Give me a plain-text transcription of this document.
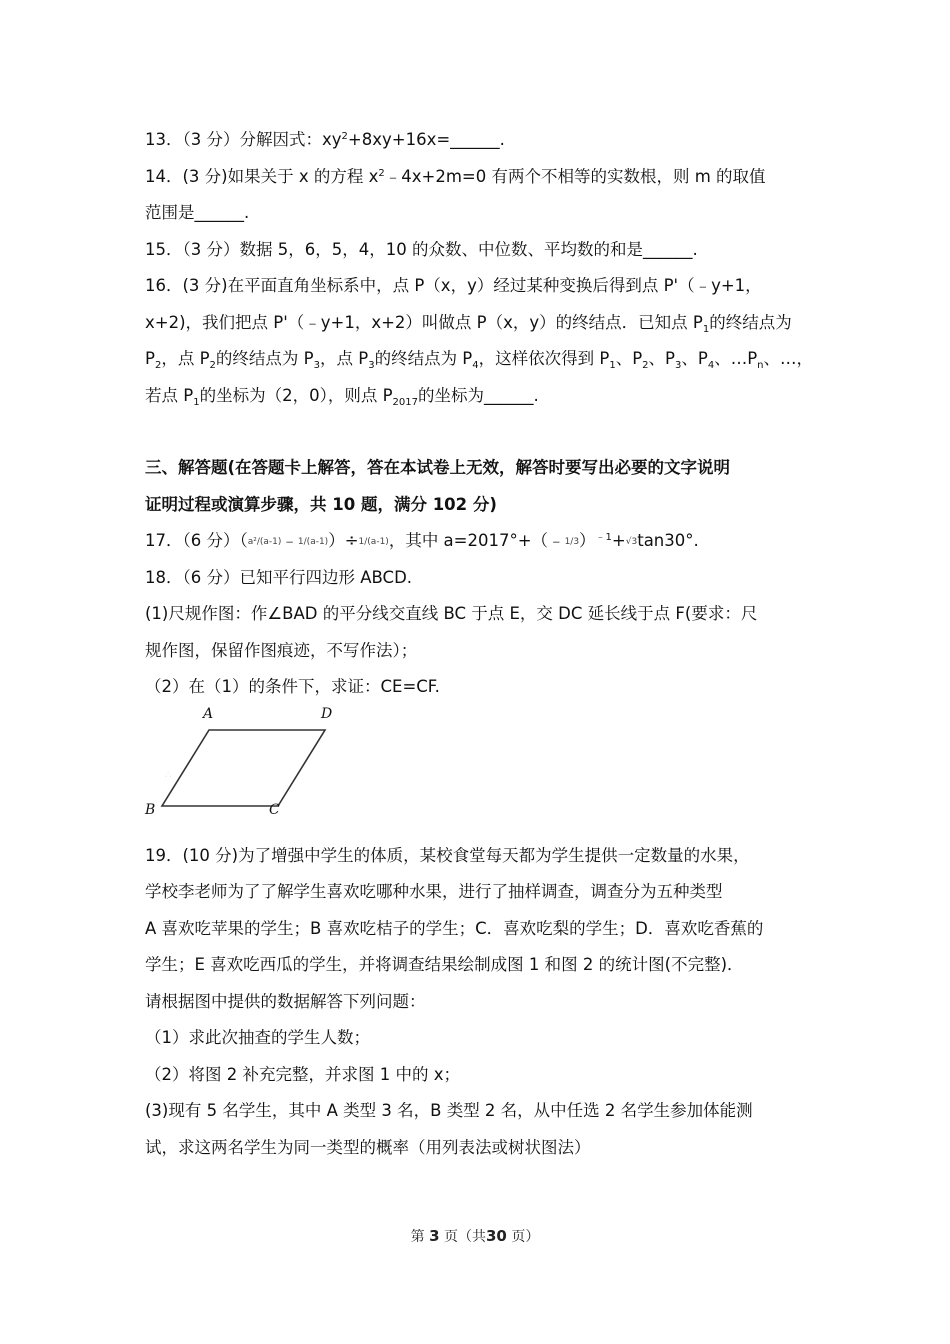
13．（3 分）分解因式：$xy^2+8xy+16x=\_\_\_\_\_\_$.
14．(3 分)如果关于 x 的方程 $x^2﹣4x+2m=0$ 有两个不相等的实数根，则 m 的取值
范围是______.
15．（3 分）数据 5，6，5，4，10 的众数、中位数、平均数的和是______.
16．(3 分)在平面直角坐标系中，点 P（x，y）经过某种变换后得到点 P'（﹣y+1，
x+2)，我们把点 P'（﹣y+1，x+2）叫做点 P（x，y）的终结点．已知点 $P_1$的终结点为
$P_2$，点 $P_2$的终结点为 $P_3$，点 $P_3$的终结点为 $P_4$，这样依次得到 $P_1$、$P_2$、$P_3$、$P_4$、$\dots P_n$、…，
若点 $P_1$的坐标为（2，0），则点 $P_{2017}$的坐标为______.
三、解答题(在答题卡上解答，答在本试卷上无效，解答时要写出必要的文字说明
证明过程或演算步骤，共 10 题，满分 102 分)
17．（6 分）（a²/(a-1)﹣1/(a-1)）÷1/(a-1)，其中 a=2017°+（﹣1/3）$^{﹣1}$+√3tan30°.
18．（6 分）已知平行四边形 ABCD.
(1)尺规作图：作∠BAD 的平分线交直线 BC 于点 E，交 DC 延长线于点 F(要求：尺
规作图，保留作图痕迹，不写作法）；
（2）在（1）的条件下，求证：CE=CF.
∴
A	D
B	C
19．(10 分)为了增强中学生的体质，某校食堂每天都为学生提供一定数量的水果，
学校李老师为了了解学生喜欢吃哪种水果，进行了抽样调查，调查分为五种类型
A 喜欢吃苹果的学生；B 喜欢吃桔子的学生；C．喜欢吃梨的学生；D．喜欢吃香蕉的
学生；E 喜欢吃西瓜的学生，并将调查结果绘制成图 1 和图 2 的统计图(不完整)．
请根据图中提供的数据解答下列问题：
（1）求此次抽查的学生人数；
（2）将图 2 补充完整，并求图 1 中的 x；
(3)现有 5 名学生，其中 A 类型 3 名，B 类型 2 名，从中任选 2 名学生参加体能测
试，求这两名学生为同一类型的概率（用列表法或树状图法）
第 3 页（共30 页）
